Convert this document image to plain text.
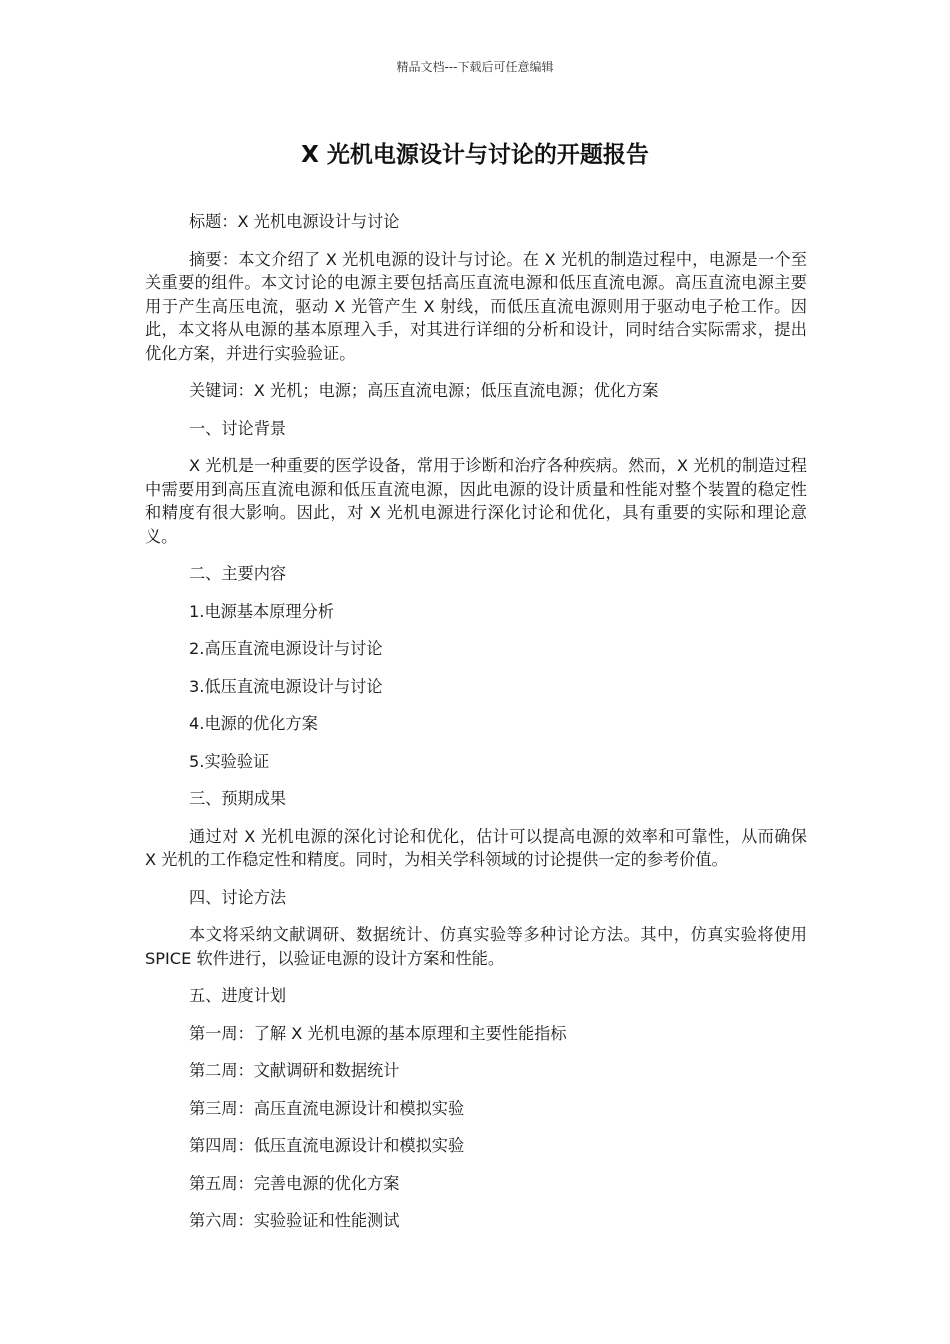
精品文档---下载后可任意编辑
X 光机电源设计与讨论的开题报告

标题：X 光机电源设计与讨论

摘要：本文介绍了 X 光机电源的设计与讨论。在 X 光机的制造过程中，电源是一个至关重要的组件。本文讨论的电源主要包括高压直流电源和低压直流电源。高压直流电源主要用于产生高压电流，驱动 X 光管产生 X 射线，而低压直流电源则用于驱动电子枪工作。因此，本文将从电源的基本原理入手，对其进行详细的分析和设计，同时结合实际需求，提出优化方案，并进行实验验证。

关键词：X 光机；电源；高压直流电源；低压直流电源；优化方案

一、讨论背景

X 光机是一种重要的医学设备，常用于诊断和治疗各种疾病。然而，X 光机的制造过程中需要用到高压直流电源和低压直流电源，因此电源的设计质量和性能对整个装置的稳定性和精度有很大影响。因此，对 X 光机电源进行深化讨论和优化，具有重要的实际和理论意义。

二、主要内容

1.电源基本原理分析

2.高压直流电源设计与讨论

3.低压直流电源设计与讨论

4.电源的优化方案

5.实验验证

三、预期成果

通过对 X 光机电源的深化讨论和优化，估计可以提高电源的效率和可靠性，从而确保 X 光机的工作稳定性和精度。同时，为相关学科领域的讨论提供一定的参考价值。

四、讨论方法

本文将采纳文献调研、数据统计、仿真实验等多种讨论方法。其中，仿真实验将使用 SPICE 软件进行，以验证电源的设计方案和性能。

五、进度计划

第一周：了解 X 光机电源的基本原理和主要性能指标

第二周：文献调研和数据统计

第三周：高压直流电源设计和模拟实验

第四周：低压直流电源设计和模拟实验

第五周：完善电源的优化方案

第六周：实验验证和性能测试
